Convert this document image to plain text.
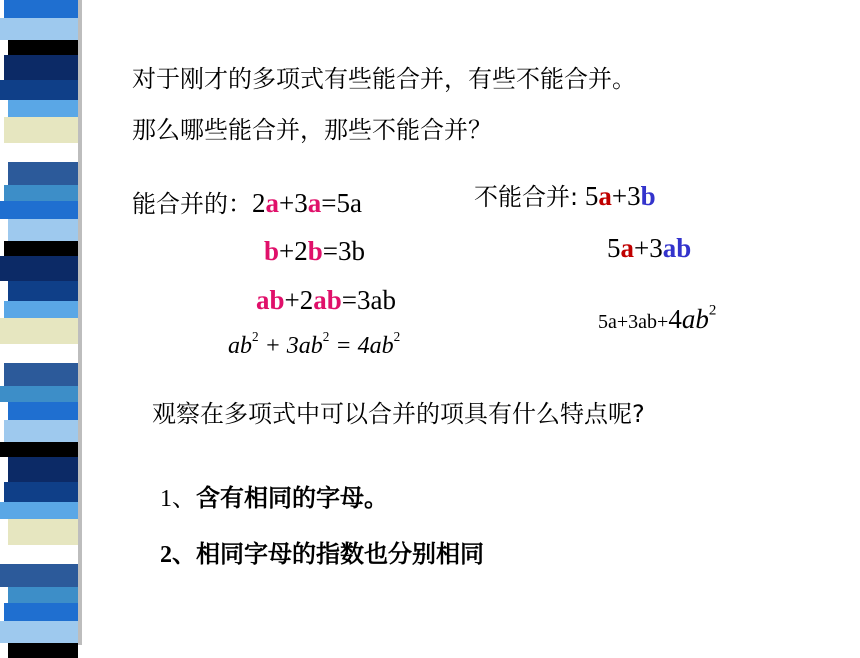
对于刚才的多项式有些能合并，有些不能合并。
那么哪些能合并，那些不能合并？
能合并的：2a+3a=5a
b+2b=3b
ab+2ab=3ab
$ab^2 + 3ab^2 = 4ab^2$
不能合并: 5a+3b
5a+3ab
$5a+3ab+4ab^2$
观察在多项式中可以合并的项具有什么特点呢?
1、含有相同的字母。
2、相同字母的指数也分别相同
